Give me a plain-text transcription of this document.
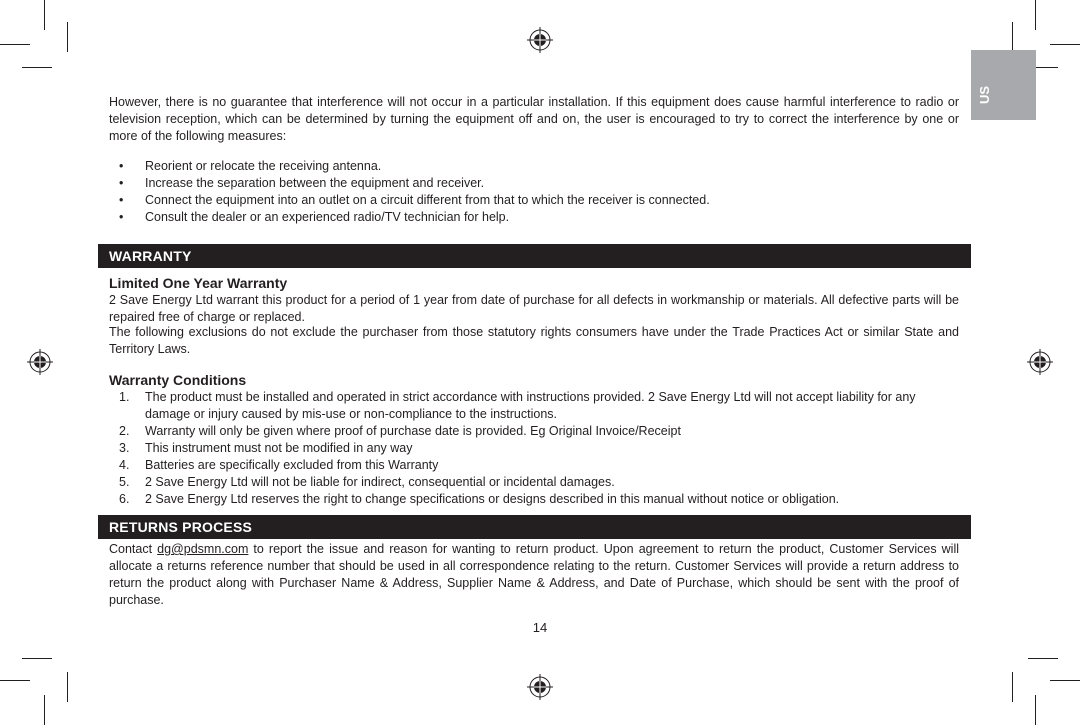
US

However, there is no guarantee that interference will not occur in a particular installation. If this equipment does cause harmful interference to radio or television reception, which can be determined by turning the equipment off and on, the user is encouraged to try to correct the interference by one or more of the following measures:

• Reorient or relocate the receiving antenna.
• Increase the separation between the equipment and receiver.
• Connect the equipment into an outlet on a circuit different from that to which the receiver is connected.
• Consult the dealer or an experienced radio/TV technician for help.
WARRANTY
Limited One Year Warranty

2 Save Energy Ltd warrant this product for a period of 1 year from date of purchase for all defects in workmanship or materials. All defective parts will be repaired free of charge or replaced.

The following exclusions do not exclude the purchaser from those statutory rights consumers have under the Trade Practices Act or similar State and Territory Laws.

Warranty Conditions
1. The product must be installed and operated in strict accordance with instructions provided. 2 Save Energy Ltd will not accept liability for any damage or injury caused by mis-use or non-compliance to the instructions.
2. Warranty will only be given where proof of purchase date is provided. Eg Original Invoice/Receipt
3. This instrument must not be modified in any way
4. Batteries are specifically excluded from this Warranty
5. 2 Save Energy Ltd will not be liable for indirect, consequential or incidental damages.
6. 2 Save Energy Ltd reserves the right to change specifications or designs described in this manual without notice or obligation.
RETURNS PROCESS

Contact dg@pdsmn.com to report the issue and reason for wanting to return product. Upon agreement to return the product, Customer Services will allocate a returns reference number that should be used in all correspondence relating to the return. Customer Services will provide a return address to return the product along with Purchaser Name & Address, Supplier Name & Address, and Date of Purchase, which should be sent with the proof of purchase.

14
